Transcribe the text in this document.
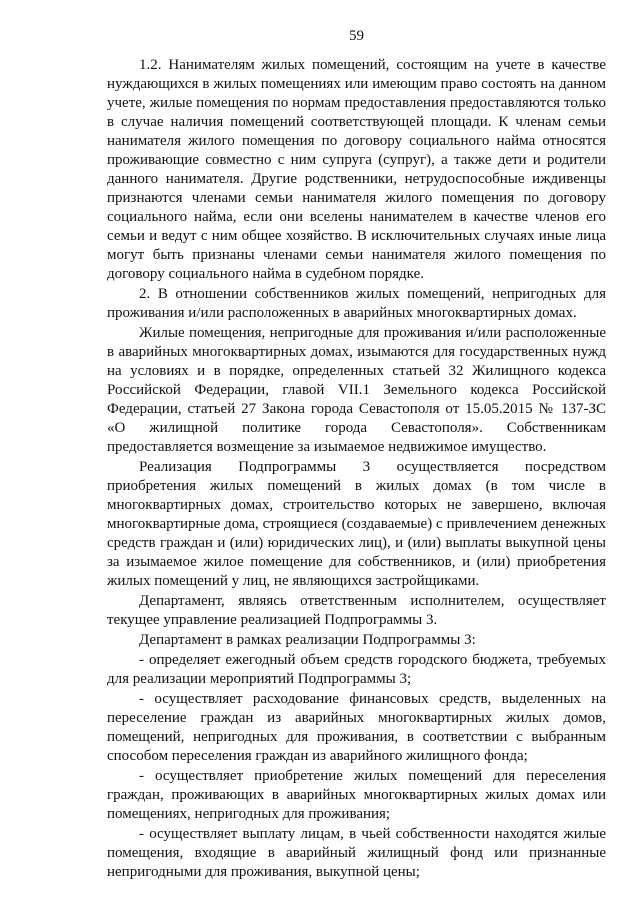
59

1.2. Нанимателям жилых помещений, состоящим на учете в качестве нуждающихся в жилых помещениях или имеющим право состоять на данном учете, жилые помещения по нормам предоставления предоставляются только в случае наличия помещений соответствующей площади. К членам семьи нанимателя жилого помещения по договору социального найма относятся проживающие совместно с ним супруга (супруг), а также дети и родители данного нанимателя. Другие родственники, нетрудоспособные иждивенцы признаются членами семьи нанимателя жилого помещения по договору социального найма, если они вселены нанимателем в качестве членов его семьи и ведут с ним общее хозяйство. В исключительных случаях иные лица могут быть признаны членами семьи нанимателя жилого помещения по договору социального найма в судебном порядке.

2. В отношении собственников жилых помещений, непригодных для проживания и/или расположенных в аварийных многоквартирных домах.

Жилые помещения, непригодные для проживания и/или расположенные в аварийных многоквартирных домах, изымаются для государственных нужд на условиях и в порядке, определенных статьей 32 Жилищного кодекса Российской Федерации, главой VII.1 Земельного кодекса Российской Федерации, статьей 27 Закона города Севастополя от 15.05.2015 № 137-ЗС «О жилищной политике города Севастополя». Собственникам предоставляется возмещение за изымаемое недвижимое имущество.

Реализация Подпрограммы 3 осуществляется посредством приобретения жилых помещений в жилых домах (в том числе в многоквартирных домах, строительство которых не завершено, включая многоквартирные дома, строящиеся (создаваемые) с привлечением денежных средств граждан и (или) юридических лиц), и (или) выплаты выкупной цены за изымаемое жилое помещение для собственников, и (или) приобретения жилых помещений у лиц, не являющихся застройщиками.

Департамент, являясь ответственным исполнителем, осуществляет текущее управление реализацией Подпрограммы 3.

Департамент в рамках реализации Подпрограммы 3:

- определяет ежегодный объем средств городского бюджета, требуемых для реализации мероприятий Подпрограммы 3;

- осуществляет расходование финансовых средств, выделенных на переселение граждан из аварийных многоквартирных жилых домов, помещений, непригодных для проживания, в соответствии с выбранным способом переселения граждан из аварийного жилищного фонда;

- осуществляет приобретение жилых помещений для переселения граждан, проживающих в аварийных многоквартирных жилых домах или помещениях, непригодных для проживания;

- осуществляет выплату лицам, в чьей собственности находятся жилые помещения, входящие в аварийный жилищный фонд или признанные непригодными для проживания, выкупной цены;
